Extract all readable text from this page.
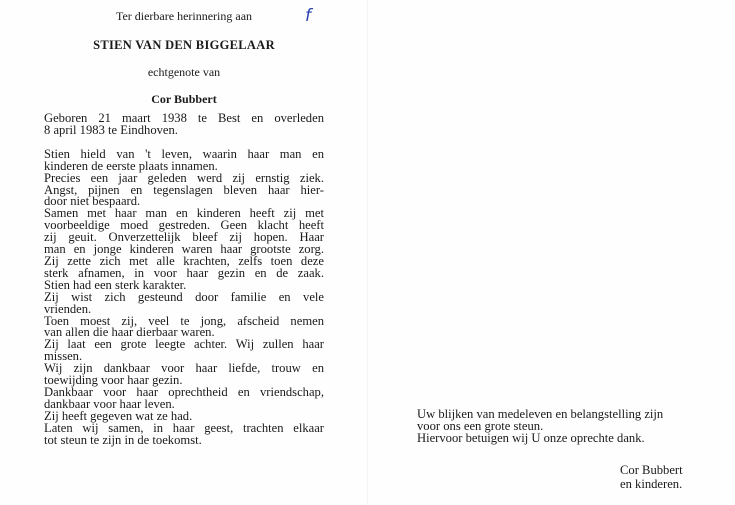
f
Ter dierbare herinnering aan
STIEN VAN DEN BIGGELAAR
echtgenote van
Cor Bubbert
Geboren 21 maart 1938 te Best en overleden
8 april 1983 te Eindhoven.
Stien hield van 't leven, waarin haar man en
kinderen de eerste plaats innamen.
Precies een jaar geleden werd zij ernstig ziek.
Angst, pijnen en tegenslagen bleven haar hier-
door niet bespaard.
Samen met haar man en kinderen heeft zij met
voorbeeldige moed gestreden. Geen klacht heeft
zij geuit. Onverzettelijk bleef zij hopen. Haar
man en jonge kinderen waren haar grootste zorg.
Zij zette zich met alle krachten, zelfs toen deze
sterk afnamen, in voor haar gezin en de zaak.
Stien had een sterk karakter.
Zij wist zich gesteund door familie en vele
vrienden.
Toen moest zij, veel te jong, afscheid nemen
van allen die haar dierbaar waren.
Zij laat een grote leegte achter. Wij zullen haar
missen.
Wij zijn dankbaar voor haar liefde, trouw en
toewijding voor haar gezin.
Dankbaar voor haar oprechtheid en vriendschap,
dankbaar voor haar leven.
Zij heeft gegeven wat ze had.
Laten wij samen, in haar geest, trachten elkaar
tot steun te zijn in de toekomst.
Uw blijken van medeleven en belangstelling zijn
voor ons een grote steun.
Hiervoor betuigen wij U onze oprechte dank.
Cor Bubbert
en kinderen.
